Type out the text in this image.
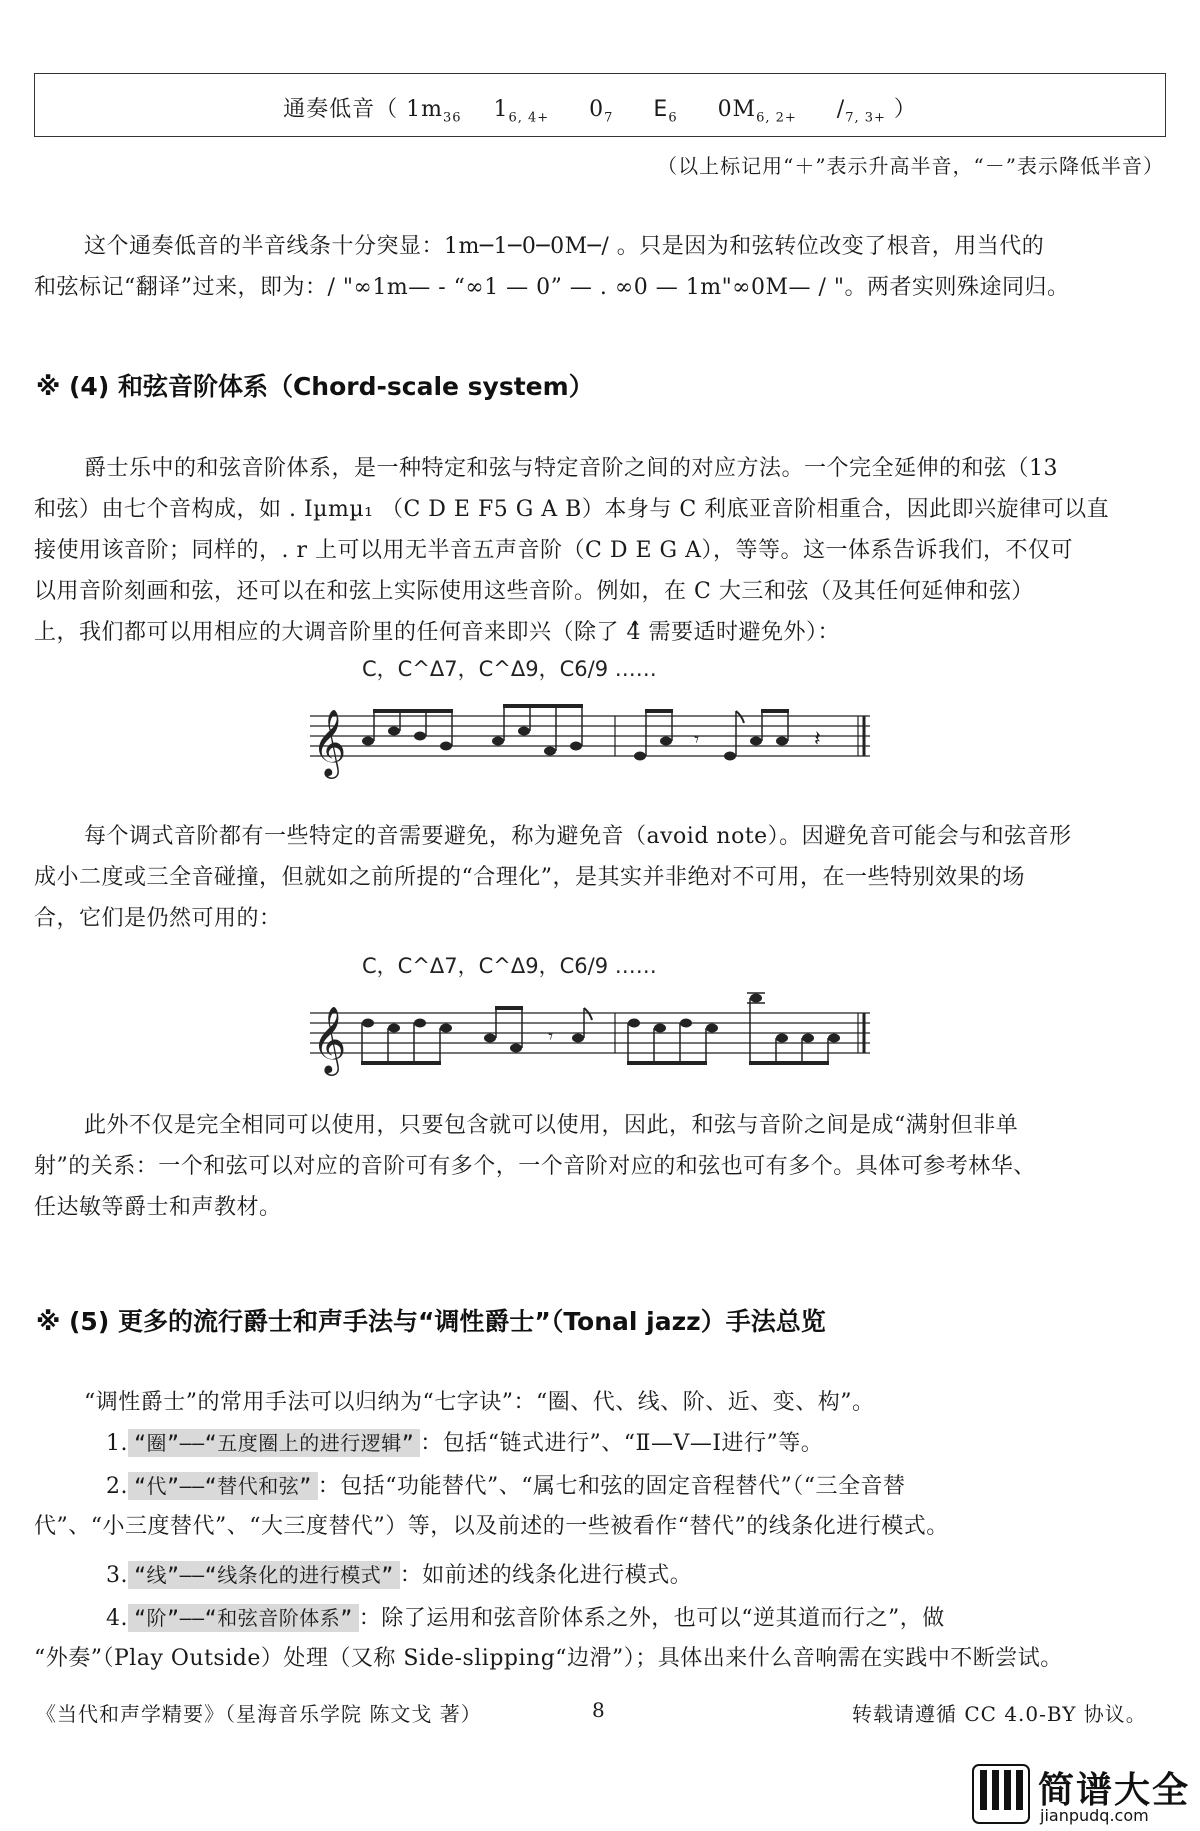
通奏低音（ $1m_{36}$ $1_{6, 4+}$ $0_7$ $E_6$ $0M_{6, 2+}$ $/_{7, 3+}$ ）
（以上标记用“＋”表示升高半音，“－”表示降低半音）
这个通奏低音的半音线条十分突显：1m─1─0─0M─/ 。只是因为和弦转位改变了根音，用当代的
和弦标记“翻译”过来，即为：/ "∞1m— - “∞1 — 0” — . ∞0 — 1m"∞0M— / "。两者实则殊途同归。
※ (4) 和弦音阶体系（Chord-scale system）
爵士乐中的和弦音阶体系，是一种特定和弦与特定音阶之间的对应方法。一个完全延伸的和弦（13
和弦）由七个音构成，如 . Iµmµ₁ （C D E F5 G A B）本身与 C 利底亚音阶相重合，因此即兴旋律可以直
接使用该音阶；同样的，. r 上可以用无半音五声音阶（C D E G A），等等。这一体系告诉我们，不仅可
以用音阶刻画和弦，还可以在和弦上实际使用这些音阶。例如，在 C 大三和弦（及其任何延伸和弦）
上，我们都可以用相应的大调音阶里的任何音来即兴（除了 4̂ 需要适时避免外）：
C，C^Δ7，C^Δ9，C6/9 ……
𝄞	𝄾	𝄽
每个调式音阶都有一些特定的音需要避免，称为避免音（avoid note）。因避免音可能会与和弦音形
成小二度或三全音碰撞，但就如之前所提的“合理化”，是其实并非绝对不可用，在一些特别效果的场
合，它们是仍然可用的：
C，C^Δ7，C^Δ9，C6/9 ……
𝄞	𝄾
此外不仅是完全相同可以使用，只要包含就可以使用，因此，和弦与音阶之间是成“满射但非单
射”的关系：一个和弦可以对应的音阶可有多个，一个音阶对应的和弦也可有多个。具体可参考林华、
任达敏等爵士和声教材。
※ (5) 更多的流行爵士和声手法与“调性爵士”（Tonal jazz）手法总览
“调性爵士”的常用手法可以归纳为“七字诀”：“圈、代、线、阶、近、变、构”。
1. “圈”——“五度圈上的进行逻辑” ：包括“链式进行”、“Ⅱ—Ⅴ—Ⅰ进行”等。
2. “代”——“替代和弦” ：包括“功能替代”、“属七和弦的固定音程替代”（“三全音替
代”、“小三度替代”、“大三度替代”）等，以及前述的一些被看作“替代”的线条化进行模式。
3. “线”——“线条化的进行模式” ：如前述的线条化进行模式。
4. “阶”——“和弦音阶体系” ：除了运用和弦音阶体系之外，也可以“逆其道而行之”，做
“外奏”（Play Outside）处理（又称 Side-slipping“边滑”）；具体出来什么音响需在实践中不断尝试。
《当代和声学精要》（星海音乐学院 陈文戈 著）	8	转载请遵循 CC 4.0-BY 协议。
简谱大全
jianpudq.com
